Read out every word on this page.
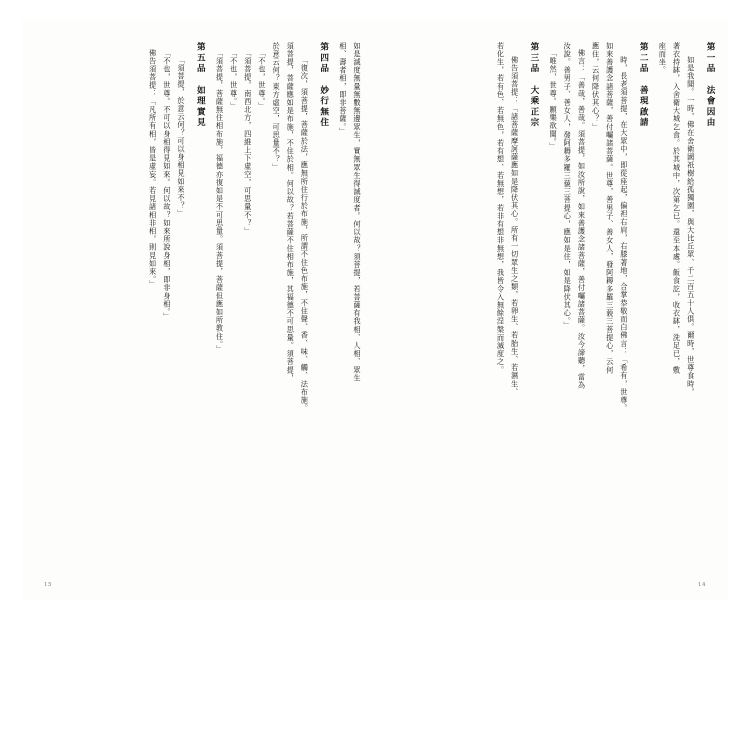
第一品　法會因由
如是我聞。一時，佛在舍衛國祇樹給孤獨園，與大比丘眾、千二百五十人俱。爾時，世尊食時，
著衣持缽，入舍衛大城乞食。於其城中，次第乞已。還至本處。飯食訖，收衣缽，洗足已，敷
座而坐。
第二品　善現啟請
時，長老須菩提，在大眾中，即從座起，偏袒右肩，右膝著地，合掌恭敬而白佛言：「希有，世尊。
如來善護念諸菩薩，善付囑諸菩薩。世尊，善男子、善女人，發阿耨多羅三藐三菩提心，云何
應住，云何降伏其心？」
佛言：「善哉，善哉。須菩提，如汝所說，如來善護念諸菩薩，善付囑諸菩薩。汝今諦聽，當為
汝說。善男子、善女人，發阿耨多羅三藐三菩提心，應如是住，如是降伏其心。」
「唯然，世尊。願樂欲聞。」
第三品　大乘正宗
佛告須菩提：「諸菩薩摩訶薩應如是降伏其心。所有一切眾生之類，若卵生、若胎生、若濕生、
若化生，若有色、若無色，若有想、若無想，若非有想非無想，我皆令入無餘涅槃而滅度之。
14
如是滅度無量無數無邊眾生，實無眾生得滅度者。何以故？須菩提，若菩薩有我相、人相、眾生
相、壽者相，即非菩薩。」
第四品　妙行無住
「復次，須菩提，菩薩於法，應無所住行於布施，所謂不住色布施，不住聲、香、味、觸、法布施。
須菩提，菩薩應如是布施，不住於相。何以故？若菩薩不住相布施，其福德不可思量。須菩提，
於意云何？東方虛空，可思量不？」
「不也，世尊。」
「須菩提，南西北方，四維上下虛空，可思量不？」
「不也，世尊。」
「須菩提，菩薩無住相布施，福德亦復如是不可思量。須菩提，菩薩但應如所教住。」
第五品　如理實見
「須菩提，於意云何？可以身相見如來不？」
「不也，世尊。不可以身相得見如來。何以故？如來所說身相，即非身相。」
佛告須菩提：「凡所有相，皆是虛妄。若見諸相非相，則見如來。」
15
